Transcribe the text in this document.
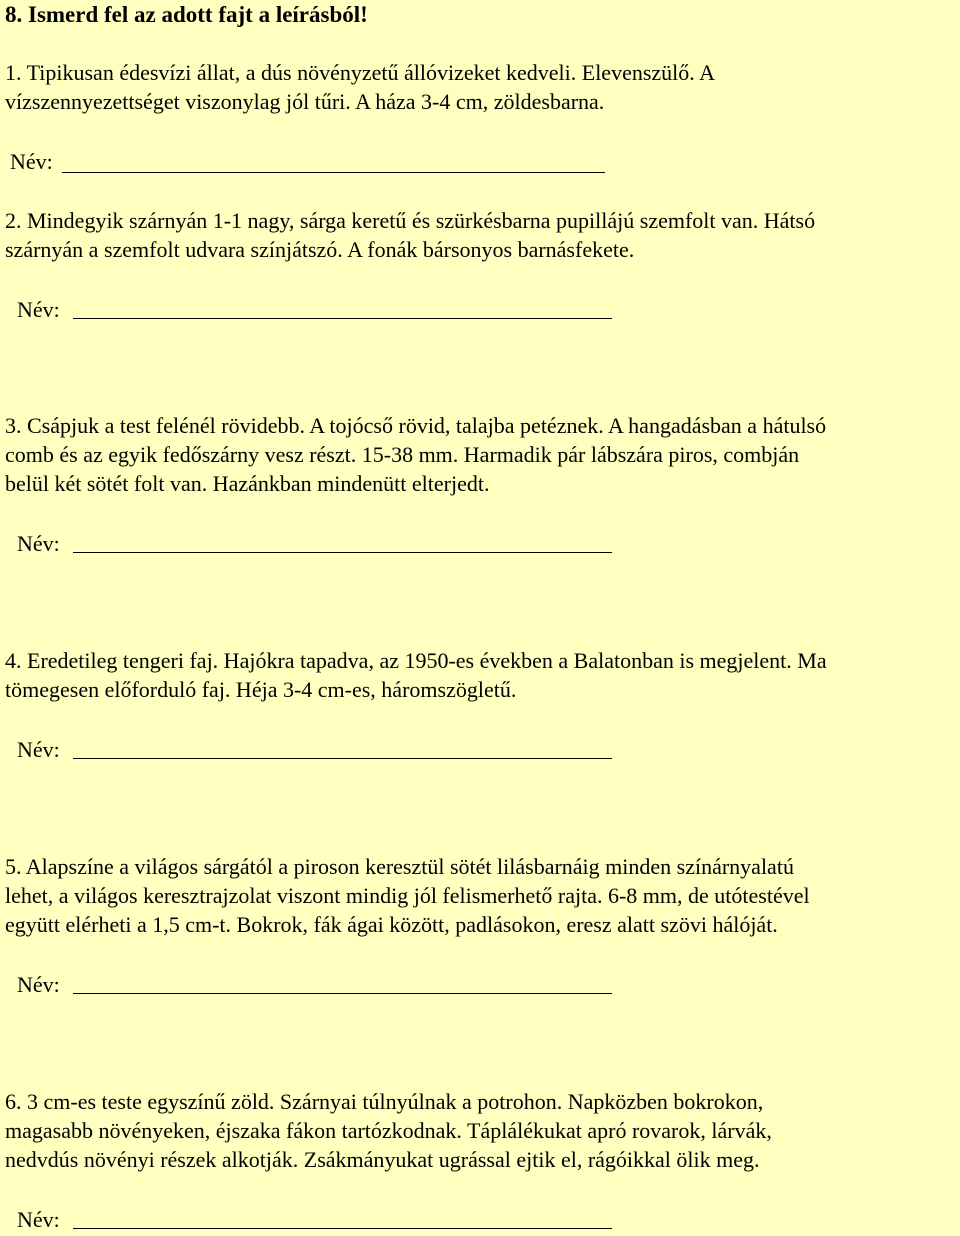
8. Ismerd fel az adott fajt a leírásból!
1. Tipikusan édesvízi állat, a dús növényzetű állóvizeket kedveli. Elevenszülő. A
vízszennyezettséget viszonylag jól tűri. A háza 3-4 cm, zöldesbarna.
Név:
2. Mindegyik szárnyán 1-1 nagy, sárga keretű és szürkésbarna pupillájú szemfolt van. Hátsó
szárnyán a szemfolt udvara színjátszó. A fonák bársonyos barnásfekete.
Név:
3. Csápjuk a test felénél rövidebb. A tojócső rövid, talajba petéznek. A hangadásban a hátulsó
comb és az egyik fedőszárny vesz részt. 15-38 mm. Harmadik pár lábszára piros, combján
belül két sötét folt van. Hazánkban mindenütt elterjedt.
Név:
4. Eredetileg tengeri faj. Hajókra tapadva, az 1950-es években a Balatonban is megjelent. Ma
tömegesen előforduló faj. Héja 3-4 cm-es, háromszögletű.
Név:
5. Alapszíne a világos sárgától a piroson keresztül sötét lilásbarnáig minden színárnyalatú
lehet, a világos keresztrajzolat viszont mindig jól felismerhető rajta. 6-8 mm, de utótestével
együtt elérheti a 1,5 cm-t. Bokrok, fák ágai között, padlásokon, eresz alatt szövi hálóját.
Név:
6. 3 cm-es teste egyszínű zöld. Szárnyai túlnyúlnak a potrohon. Napközben bokrokon,
magasabb növényeken, éjszaka fákon tartózkodnak. Táplálékukat apró rovarok, lárvák,
nedvdús növényi részek alkotják. Zsákmányukat ugrással ejtik el, rágóikkal ölik meg.
Név:
